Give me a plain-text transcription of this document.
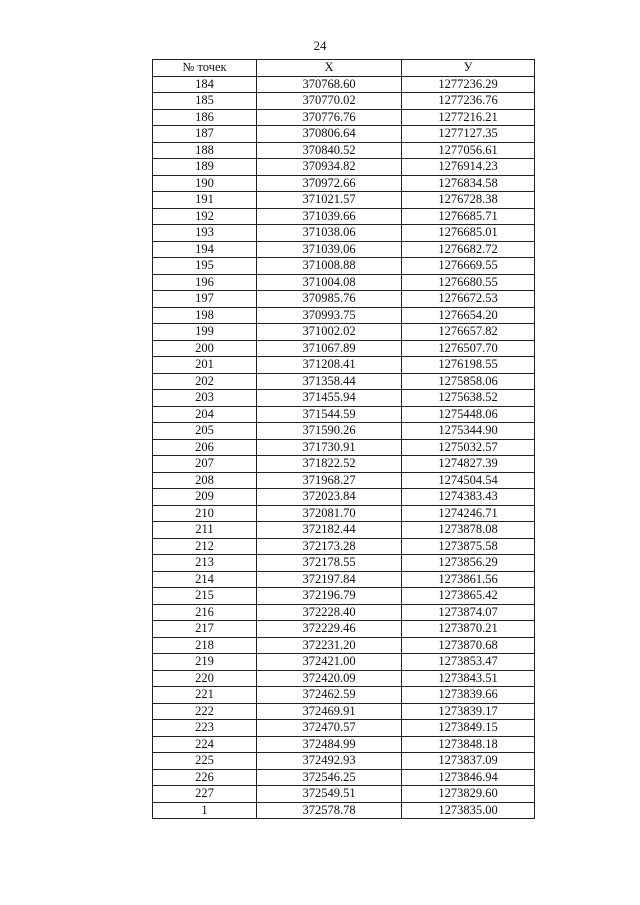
24
№ точек	X	У
184	370768.60	1277236.29
185	370770.02	1277236.76
186	370776.76	1277216.21
187	370806.64	1277127.35
188	370840.52	1277056.61
189	370934.82	1276914.23
190	370972.66	1276834.58
191	371021.57	1276728.38
192	371039.66	1276685.71
193	371038.06	1276685.01
194	371039.06	1276682.72
195	371008.88	1276669.55
196	371004.08	1276680.55
197	370985.76	1276672.53
198	370993.75	1276654.20
199	371002.02	1276657.82
200	371067.89	1276507.70
201	371208.41	1276198.55
202	371358.44	1275858.06
203	371455.94	1275638.52
204	371544.59	1275448.06
205	371590.26	1275344.90
206	371730.91	1275032.57
207	371822.52	1274827.39
208	371968.27	1274504.54
209	372023.84	1274383.43
210	372081.70	1274246.71
211	372182.44	1273878.08
212	372173.28	1273875.58
213	372178.55	1273856.29
214	372197.84	1273861.56
215	372196.79	1273865.42
216	372228.40	1273874.07
217	372229.46	1273870.21
218	372231.20	1273870.68
219	372421.00	1273853.47
220	372420.09	1273843.51
221	372462.59	1273839.66
222	372469.91	1273839.17
223	372470.57	1273849.15
224	372484.99	1273848.18
225	372492.93	1273837.09
226	372546.25	1273846.94
227	372549.51	1273829.60
1	372578.78	1273835.00
